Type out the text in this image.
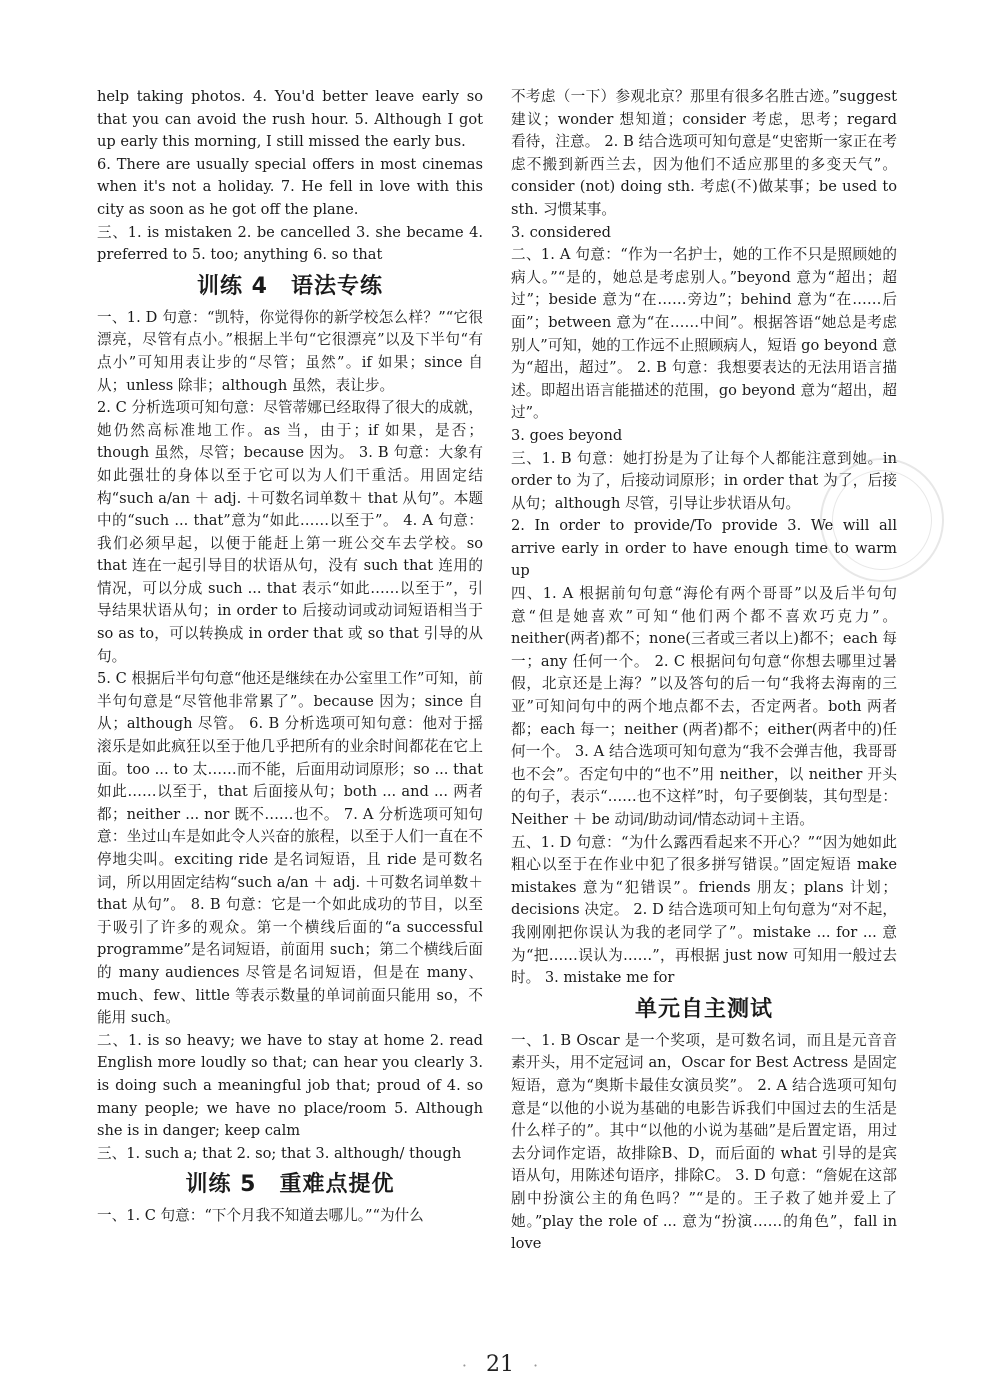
help taking photos. 4. You'd better leave early so that you can avoid the rush hour. 5. Although I got up early this morning, I still missed the early bus.

6. There are usually special offers in most cinemas when it's not a holiday. 7. He fell in love with this city as soon as he got off the plane.

三、1. is mistaken 2. be cancelled 3. she became 4. preferred to 5. too; anything 6. so that

训练 4　语法专练

一、1. D 句意：“凯特，你觉得你的新学校怎么样？”“它很漂亮，尽管有点小。”根据上半句“它很漂亮”以及下半句“有点小”可知用表让步的“尽管；虽然”。if 如果；since 自从；unless 除非；although 虽然，表让步。

2. C 分析选项可知句意：尽管蒂娜已经取得了很大的成就，她仍然高标准地工作。as 当，由于；if 如果，是否；though 虽然，尽管；because 因为。 3. B 句意：大象有如此强壮的身体以至于它可以为人们干重活。用固定结构“such a/an ＋ adj. ＋可数名词单数＋ that 从句”。本题中的“such ... that”意为“如此……以至于”。 4. A 句意：我们必须早起，以便于能赶上第一班公交车去学校。so that 连在一起引导目的状语从句，没有 such that 连用的情况，可以分成 such ... that 表示“如此……以至于”，引导结果状语从句；in order to 后接动词或动词短语相当于 so as to，可以转换成 in order that 或 so that 引导的从句。

5. C 根据后半句句意“他还是继续在办公室里工作”可知，前半句句意是“尽管他非常累了”。because 因为；since 自从；although 尽管。 6. B 分析选项可知句意：他对于摇滚乐是如此疯狂以至于他几乎把所有的业余时间都花在它上面。too ... to 太……而不能，后面用动词原形；so ... that 如此……以至于，that 后面接从句；both ... and ... 两者都；neither ... nor 既不……也不。 7. A 分析选项可知句意：坐过山车是如此令人兴奋的旅程，以至于人们一直在不停地尖叫。exciting ride 是名词短语，且 ride 是可数名词，所以用固定结构“such a/an ＋ adj. ＋可数名词单数＋ that 从句”。 8. B 句意：它是一个如此成功的节目，以至于吸引了许多的观众。第一个横线后面的“a successful programme”是名词短语，前面用 such；第二个横线后面的 many audiences 尽管是名词短语，但是在 many、much、few、little 等表示数量的单词前面只能用 so，不能用 such。

二、1. is so heavy; we have to stay at home 2. read English more loudly so that; can hear you clearly 3. is doing such a meaningful job that; proud of 4. so many people; we have no place/room 5. Although she is in danger; keep calm

三、1. such a; that 2. so; that 3. although/ though

训练 5　重难点提优

一、1. C 句意：“下个月我不知道去哪儿。”“为什么

不考虑（一下）参观北京？那里有很多名胜古迹。”suggest 建议；wonder 想知道；consider 考虑，思考；regard 看待，注意。 2. B 结合选项可知句意是“史密斯一家正在考虑不搬到新西兰去，因为他们不适应那里的多变天气”。consider (not) doing sth. 考虑(不)做某事；be used to sth. 习惯某事。

3. considered

二、1. A 句意：“作为一名护士，她的工作不只是照顾她的病人。”“是的，她总是考虑别人。”beyond 意为“超出；超过”；beside 意为“在……旁边”；behind 意为“在……后面”；between 意为“在……中间”。根据答语“她总是考虑别人”可知，她的工作远不止照顾病人，短语 go beyond 意为“超出，超过”。 2. B 句意：我想要表达的无法用语言描述。即超出语言能描述的范围，go beyond 意为“超出，超过”。

3. goes beyond

三、1. B 句意：她打扮是为了让每个人都能注意到她。in order to 为了，后接动词原形；in order that 为了，后接从句；although 尽管，引导让步状语从句。

2. In order to provide/To provide 3. We will all arrive early in order to have enough time to warm up

四、1. A 根据前句句意“海伦有两个哥哥”以及后半句句意“但是她喜欢”可知“他们两个都不喜欢巧克力”。neither(两者)都不；none(三者或三者以上)都不；each 每一；any 任何一个。 2. C 根据问句句意“你想去哪里过暑假，北京还是上海？”以及答句的后一句“我将去海南的三亚”可知问句中的两个地点都不去，否定两者。both 两者都；each 每一；neither (两者)都不；either(两者中的)任何一个。 3. A 结合选项可知句意为“我不会弹吉他，我哥哥也不会”。否定句中的“也不”用 neither，以 neither 开头的句子，表示“……也不这样”时，句子要倒装，其句型是：Neither ＋ be 动词/助动词/情态动词＋主语。

五、1. D 句意：“为什么露西看起来不开心？”“因为她如此粗心以至于在作业中犯了很多拼写错误。”固定短语 make mistakes 意为“犯错误”。friends 朋友；plans 计划；decisions 决定。 2. D 结合选项可知上句句意为“对不起，我刚刚把你误认为我的老同学了”。mistake ... for ... 意为“把……误认为……”，再根据 just now 可知用一般过去时。 3. mistake me for

单元自主测试

一、1. B Oscar 是一个奖项，是可数名词，而且是元音音素开头，用不定冠词 an，Oscar for Best Actress 是固定短语，意为“奥斯卡最佳女演员奖”。 2. A 结合选项可知句意是“以他的小说为基础的电影告诉我们中国过去的生活是什么样子的”。其中“以他的小说为基础”是后置定语，用过去分词作定语，故排除B、D，而后面的 what 引导的是宾语从句，用陈述句语序，排除C。 3. D 句意：“詹妮在这部剧中扮演公主的角色吗？”“是的。王子救了她并爱上了她。”play the role of ... 意为“扮演……的角色”，fall in love

· 21 ·
